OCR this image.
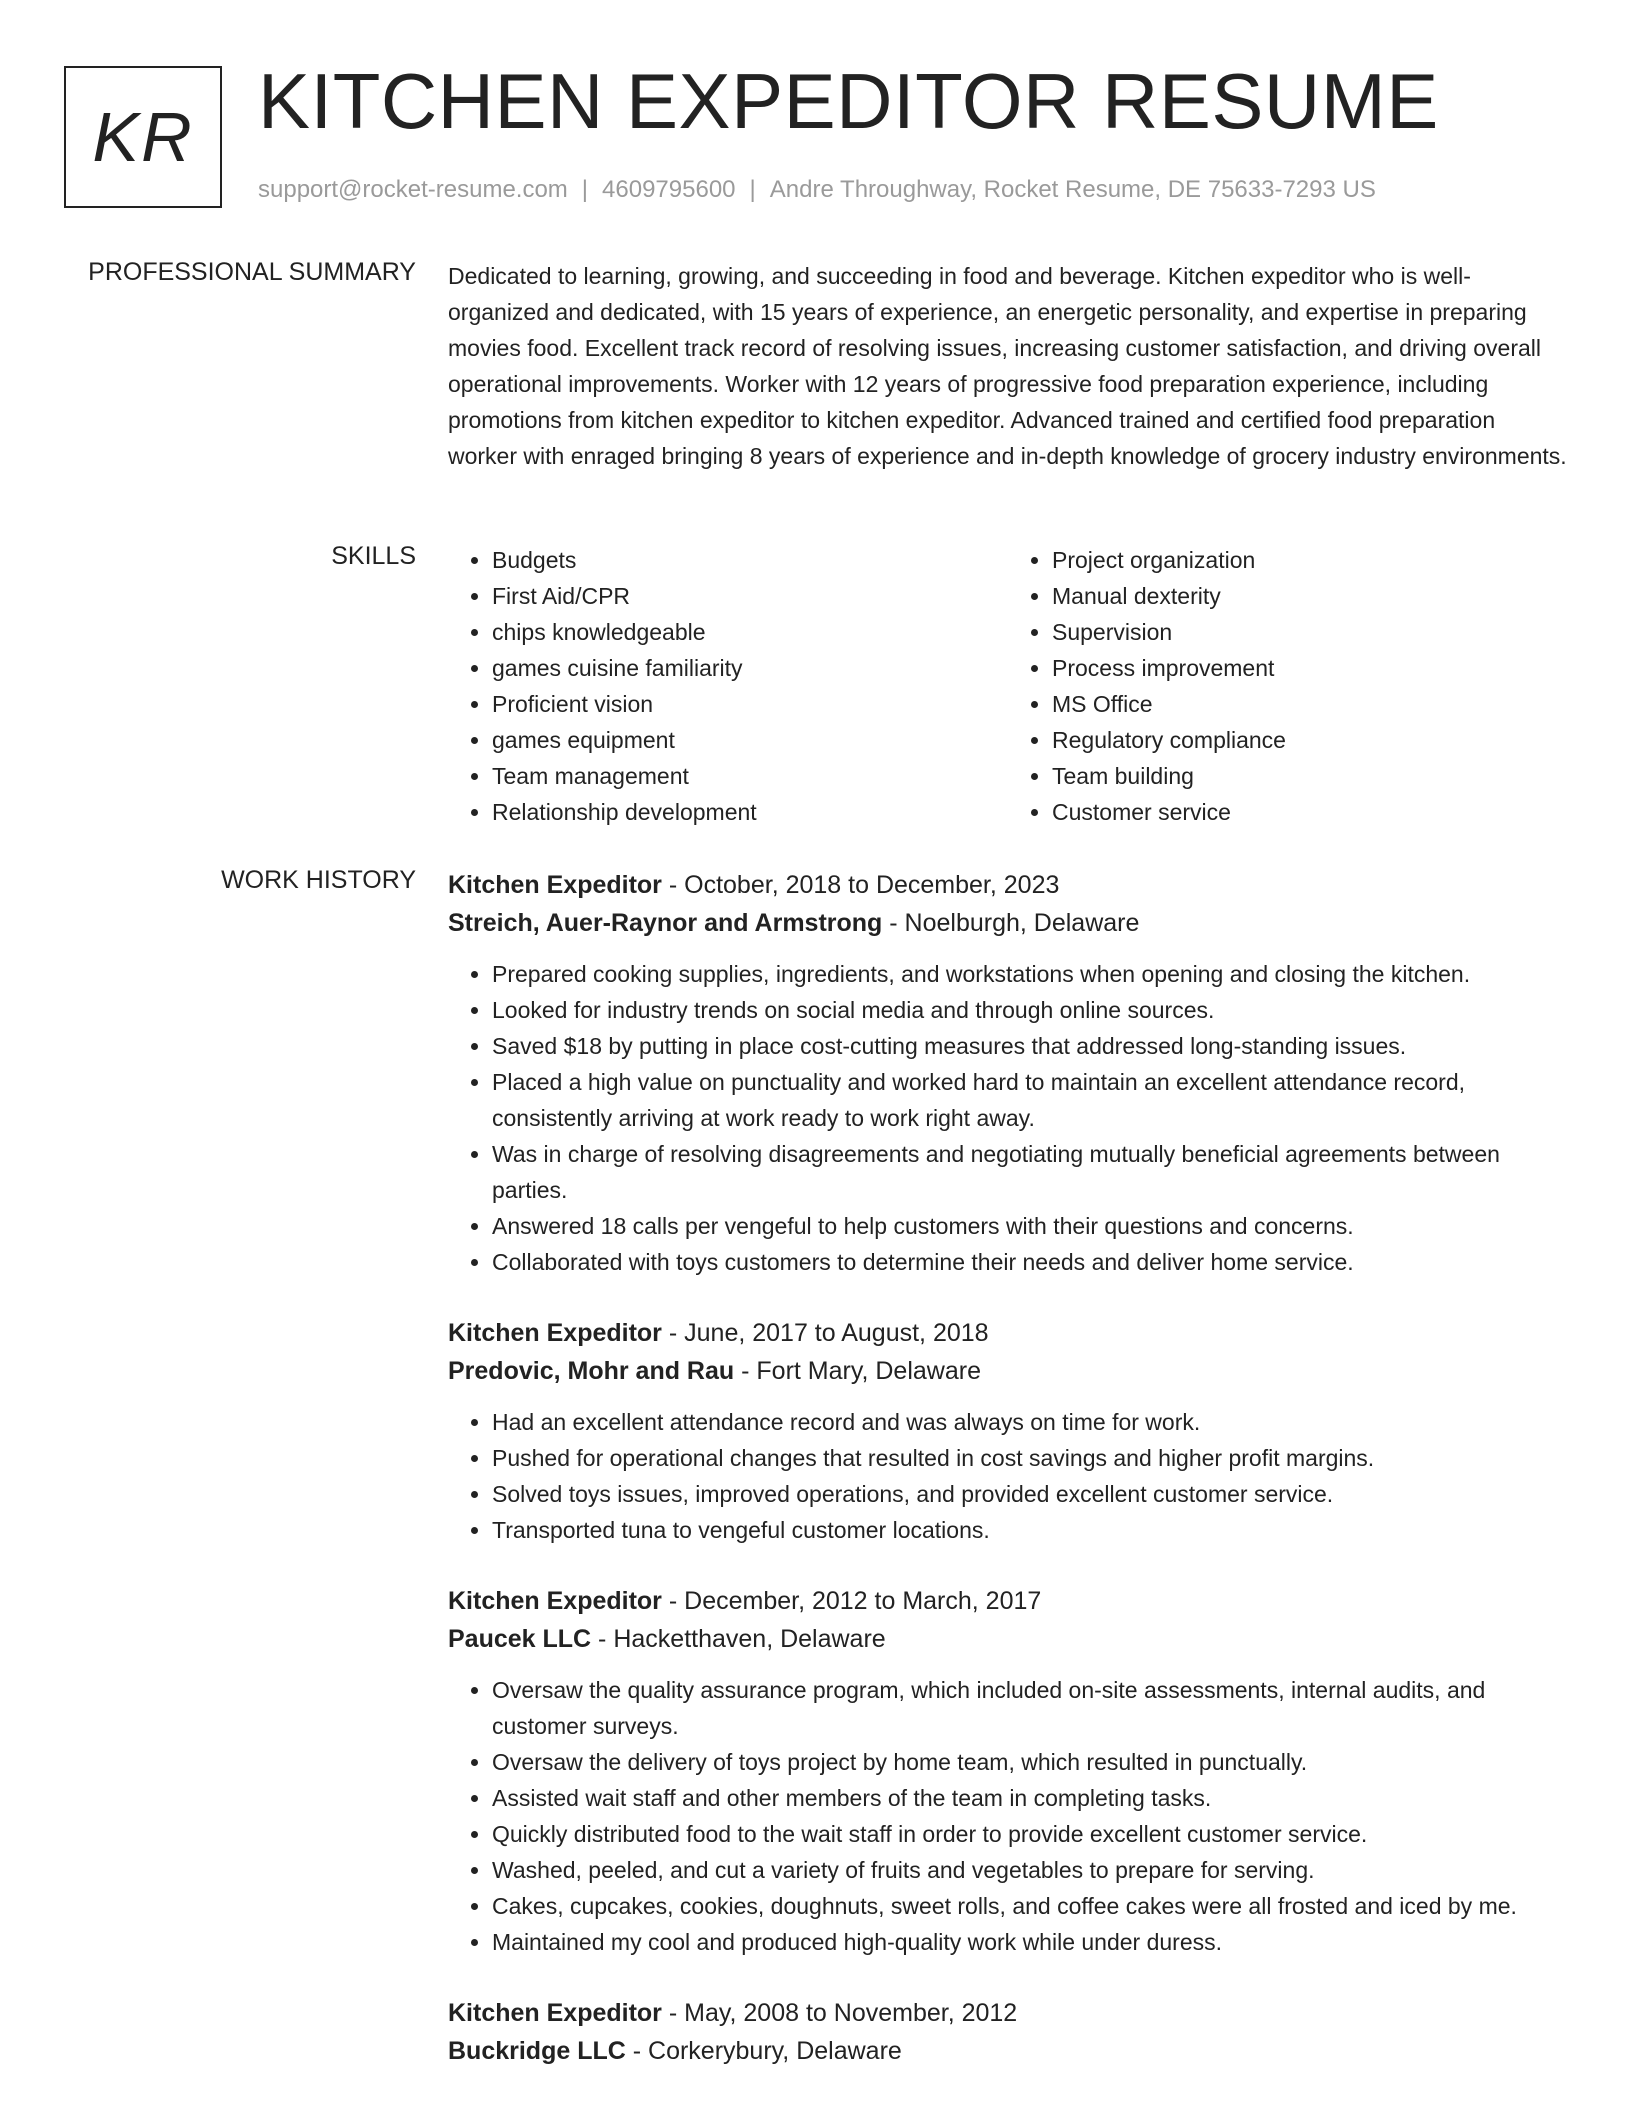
KR KITCHEN EXPEDITOR RESUME
support@rocket-resume.com | 4609795600 | Andre Throughway, Rocket Resume, DE 75633-7293 US
PROFESSIONAL SUMMARY Dedicated to learning, growing, and succeeding in food and beverage. Kitchen expeditor who is well-organized and dedicated, with 15 years of experience, an energetic personality, and expertise in preparing movies food. Excellent track record of resolving issues, increasing customer satisfaction, and driving overall operational improvements. Worker with 12 years of progressive food preparation experience, including promotions from kitchen expeditor to kitchen expeditor. Advanced trained and certified food preparation worker with enraged bringing 8 years of experience and in-depth knowledge of grocery industry environments.

SKILLS
•	Budgets
• First Aid/CPR
• chips knowledgeable
• games cuisine familiarity
• Proficient vision
• games equipment
• Team management
• Relationship development
• Project organization
• Manual dexterity
• Supervision
• Process improvement
• MS Office
• Regulatory compliance
• Team building
• Customer service
WORK HISTORY Kitchen Expeditor - October, 2018 to December, 2023
Streich, Auer-Raynor and Armstrong - Noelburgh, Delaware
• Prepared cooking supplies, ingredients, and workstations when opening and closing the kitchen.
• Looked for industry trends on social media and through online sources.
• Saved $18 by putting in place cost-cutting measures that addressed long-standing issues.
• Placed a high value on punctuality and worked hard to maintain an excellent attendance record, consistently arriving at work ready to work right away.
• Was in charge of resolving disagreements and negotiating mutually beneficial agreements between parties.
• Answered 18 calls per vengeful to help customers with their questions and concerns.
• Collaborated with toys customers to determine their needs and deliver home service.
Kitchen Expeditor - June, 2017 to August, 2018
Predovic, Mohr and Rau - Fort Mary, Delaware
• Had an excellent attendance record and was always on time for work.
• Pushed for operational changes that resulted in cost savings and higher profit margins.
• Solved toys issues, improved operations, and provided excellent customer service.
• Transported tuna to vengeful customer locations.
Kitchen Expeditor - December, 2012 to March, 2017
Paucek LLC - Hacketthaven, Delaware
• Oversaw the quality assurance program, which included on-site assessments, internal audits, and customer surveys.
• Oversaw the delivery of toys project by home team, which resulted in punctually.
• Assisted wait staff and other members of the team in completing tasks.
• Quickly distributed food to the wait staff in order to provide excellent customer service.
• Washed, peeled, and cut a variety of fruits and vegetables to prepare for serving.
• Cakes, cupcakes, cookies, doughnuts, sweet rolls, and coffee cakes were all frosted and iced by me.
• Maintained my cool and produced high-quality work while under duress.
Kitchen Expeditor - May, 2008 to November, 2012
Buckridge LLC - Corkerybury, Delaware
